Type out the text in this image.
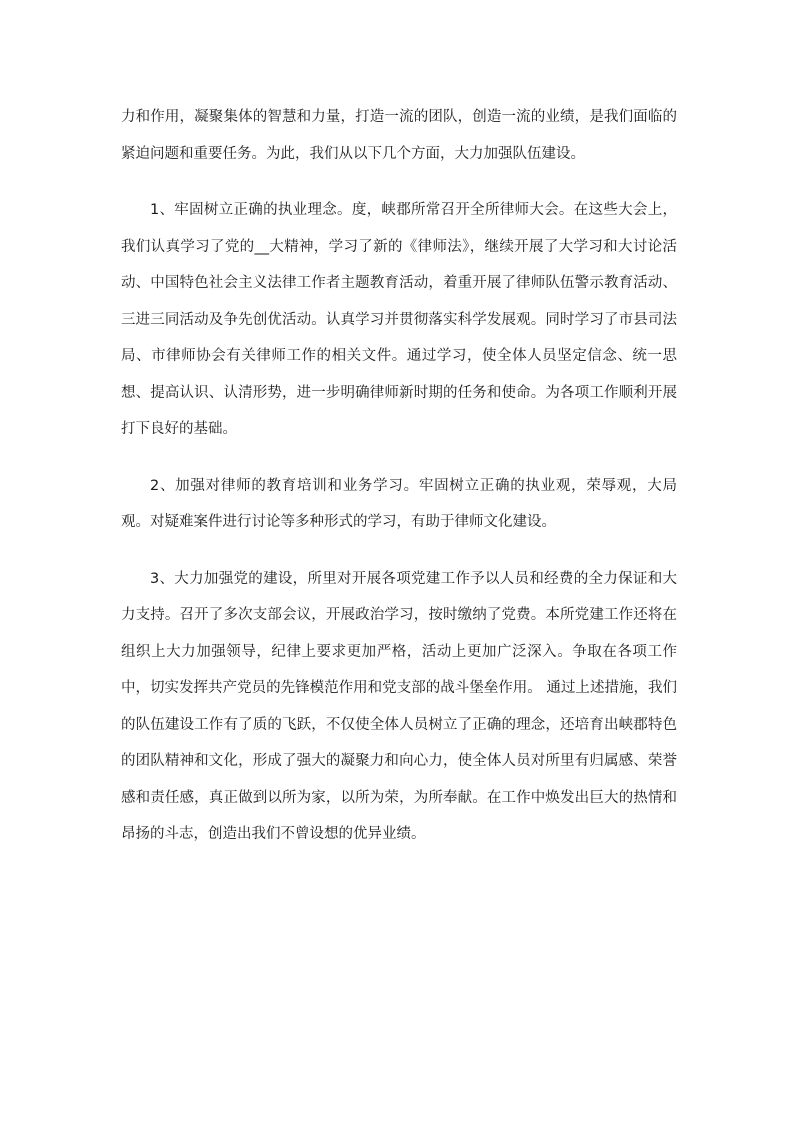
力和作用，凝聚集体的智慧和力量，打造一流的团队，创造一流的业绩，是我们面临的紧迫问题和重要任务。为此，我们从以下几个方面，大力加强队伍建设。

1、牢固树立正确的执业理念。度，峡郡所常召开全所律师大会。在这些大会上，我们认真学习了党的__大精神，学习了新的《律师法》，继续开展了大学习和大讨论活动、中国特色社会主义法律工作者主题教育活动，着重开展了律师队伍警示教育活动、三进三同活动及争先创优活动。认真学习并贯彻落实科学发展观。同时学习了市县司法局、市律师协会有关律师工作的相关文件。通过学习，使全体人员坚定信念、统一思想、提高认识、认清形势，进一步明确律师新时期的任务和使命。为各项工作顺利开展打下良好的基础。

2、加强对律师的教育培训和业务学习。牢固树立正确的执业观，荣辱观，大局观。对疑难案件进行讨论等多种形式的学习，有助于律师文化建设。

3、大力加强党的建设，所里对开展各项党建工作予以人员和经费的全力保证和大力支持。召开了多次支部会议，开展政治学习，按时缴纳了党费。本所党建工作还将在组织上大力加强领导，纪律上要求更加严格，活动上更加广泛深入。争取在各项工作中，切实发挥共产党员的先锋模范作用和党支部的战斗堡垒作用。 通过上述措施，我们的队伍建设工作有了质的飞跃，不仅使全体人员树立了正确的理念，还培育出峡郡特色的团队精神和文化，形成了强大的凝聚力和向心力，使全体人员对所里有归属感、荣誉感和责任感，真正做到以所为家，以所为荣，为所奉献。在工作中焕发出巨大的热情和昂扬的斗志，创造出我们不曾设想的优异业绩。
